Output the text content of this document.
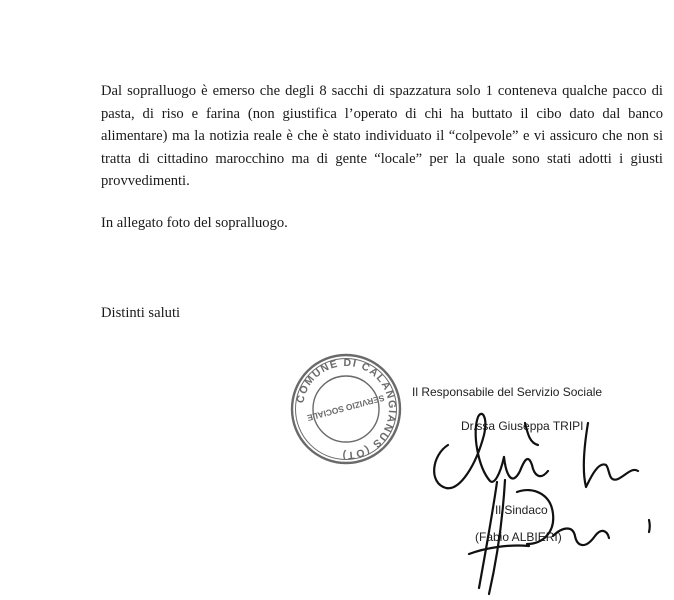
Dal sopralluogo è emerso che degli 8 sacchi di spazzatura solo 1 conteneva qualche pacco di pasta, di riso e farina (non giustifica l’operato di chi ha buttato il cibo dato dal banco alimentare) ma la notizia reale è che è stato individuato il “colpevole” e vi assicuro che non si tratta di cittadino marocchino ma di gente “locale” per la quale sono stati adotti i giusti provvedimenti.

In allegato foto del sopralluogo.

Distinti saluti

COMUNE DI CALANGIANUS (OT)
SERVIZIO SOCIALE
Il Responsabile del Servizio Sociale
Dr.ssa Giuseppa TRIPI
Il Sindaco
(Fabio ALBIERI)
